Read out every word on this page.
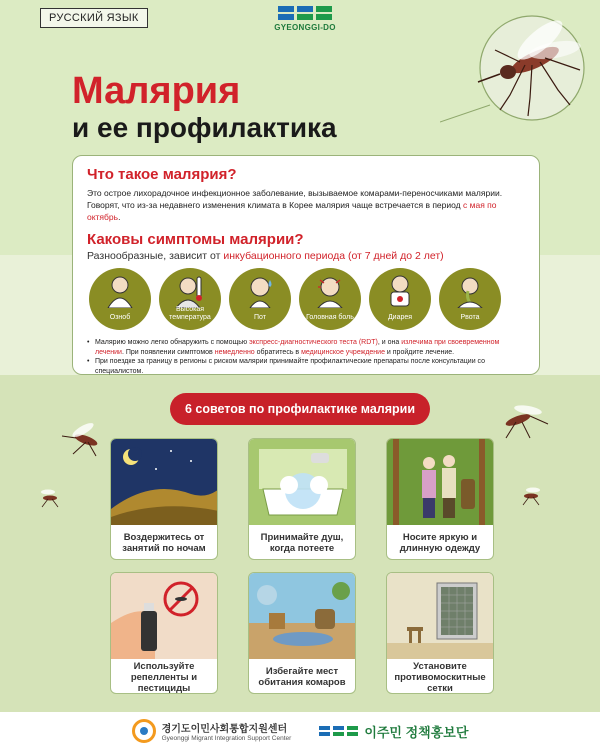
РУССКИЙ ЯЗЫК
GYEONGGI-DO
Малярия
и ее профилактика
Что такое малярия?
Это острое лихорадочное инфекционное заболевание, вызываемое комарами-переносчиками малярии. Говорят, что из-за недавнего изменения климата в Корее малярия чаще встречается в период с мая по октябрь.
Каковы симптомы малярии?
Разнообразные, зависит от инкубационного периода (от 7 дней до 2 лет)
Озноб
Высокая температура	Пот	Головная боль	Диарея	Рвота
• Малярию можно легко обнаружить с помощью экспресс-диагностического теста (RDT), и она излечима при своевременном лечении. При появлении симптомов немедленно обратитесь в медицинское учреждение и пройдите лечение.
• При поездке за границу в регионы с риском малярии принимайте профилактические препараты после консультации со специалистом.
6 советов по профилактике малярии
Воздержитесь от занятий по ночам
Принимайте душ, когда потеете
Носите яркую и длинную одежду
Используйте репелленты и пестициды
Избегайте мест обитания комаров
Установите противомоскитные сетки
경기도이민사회통합지원센터
Gyeonggi Migrant Integration Support Center	이주민 정책홍보단
